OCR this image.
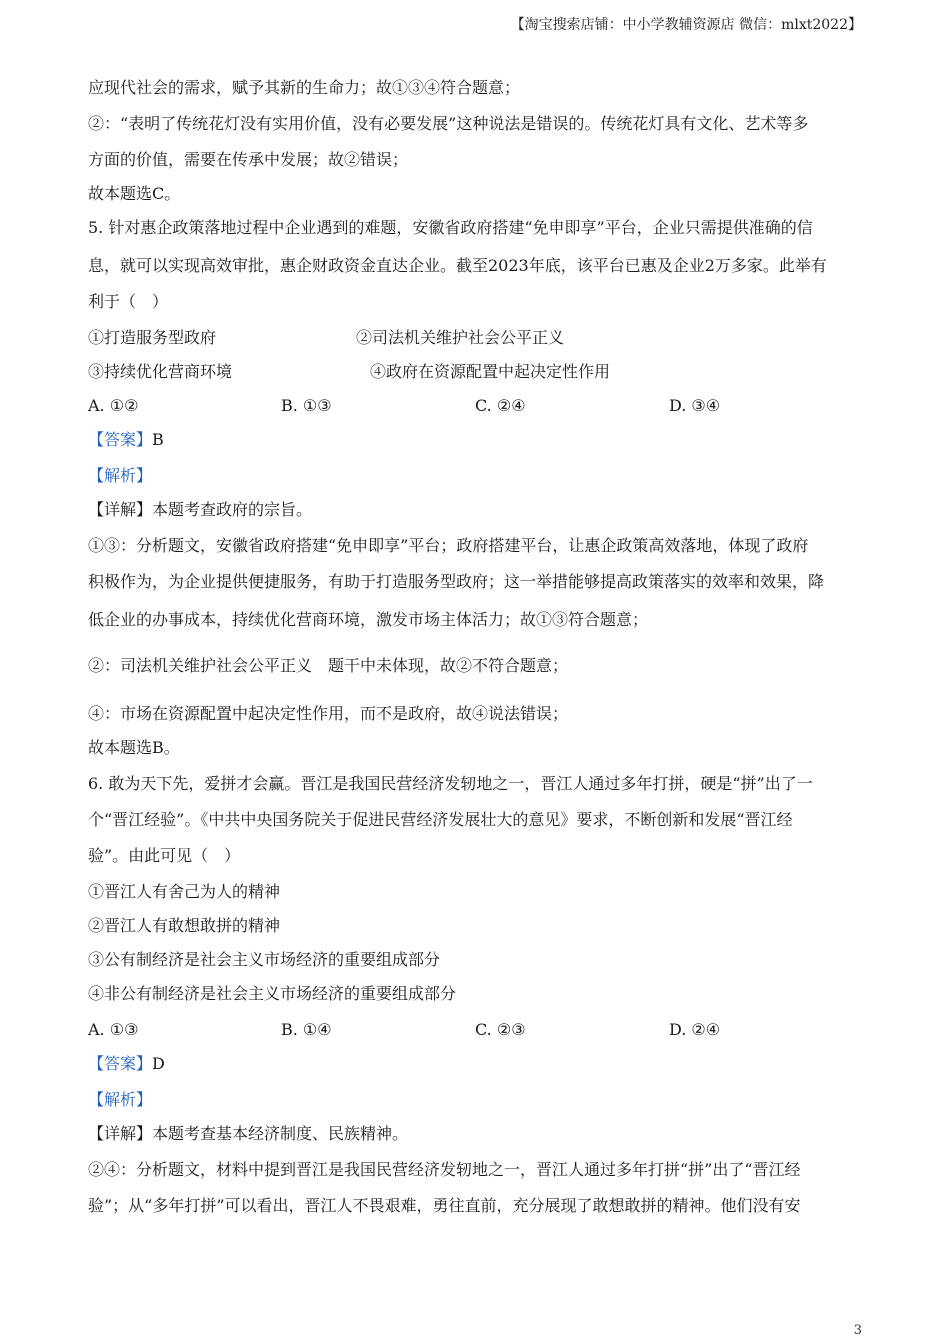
【淘宝搜索店铺：中小学教辅资源店 微信：mlxt2022】
应现代社会的需求，赋予其新的生命力；故①③④符合题意；
②：“表明了传统花灯没有实用价值，没有必要发展”这种说法是错误的。传统花灯具有文化、艺术等多
方面的价值，需要在传承中发展；故②错误；
故本题选C。
5. 针对惠企政策落地过程中企业遇到的难题，安徽省政府搭建“免申即享”平台，企业只需提供准确的信
息，就可以实现高效审批，惠企财政资金直达企业。截至2023年底，该平台已惠及企业2万多家。此举有
利于（　）
①打造服务型政府	②司法机关维护社会公平正义
③持续优化营商环境	④政府在资源配置中起决定性作用
A. ①②	B. ①③	C. ②④	D. ③④
【答案】B
【解析】
【详解】本题考查政府的宗旨。
①③：分析题文，安徽省政府搭建“免申即享”平台；政府搭建平台，让惠企政策高效落地，体现了政府
积极作为，为企业提供便捷服务，有助于打造服务型政府；这一举措能够提高政策落实的效率和效果，降
低企业的办事成本，持续优化营商环境，激发市场主体活力；故①③符合题意；
②：司法机关维护社会公平正义　题干中未体现，故②不符合题意；
④：市场在资源配置中起决定性作用，而不是政府，故④说法错误；
故本题选B。
6. 敢为天下先，爱拼才会赢。晋江是我国民营经济发轫地之一，晋江人通过多年打拼，硬是“拼”出了一
个“晋江经验”。《中共中央国务院关于促进民营经济发展壮大的意见》要求，不断创新和发展“晋江经
验”。由此可见（　）
①晋江人有舍己为人的精神
②晋江人有敢想敢拼的精神
③公有制经济是社会主义市场经济的重要组成部分
④非公有制经济是社会主义市场经济的重要组成部分
A. ①③	B. ①④	C. ②③	D. ②④
【答案】D
【解析】
【详解】本题考查基本经济制度、民族精神。
②④：分析题文，材料中提到晋江是我国民营经济发轫地之一，晋江人通过多年打拼“拼”出了“晋江经
验”；从“多年打拼”可以看出，晋江人不畏艰难，勇往直前，充分展现了敢想敢拼的精神。他们没有安
3
